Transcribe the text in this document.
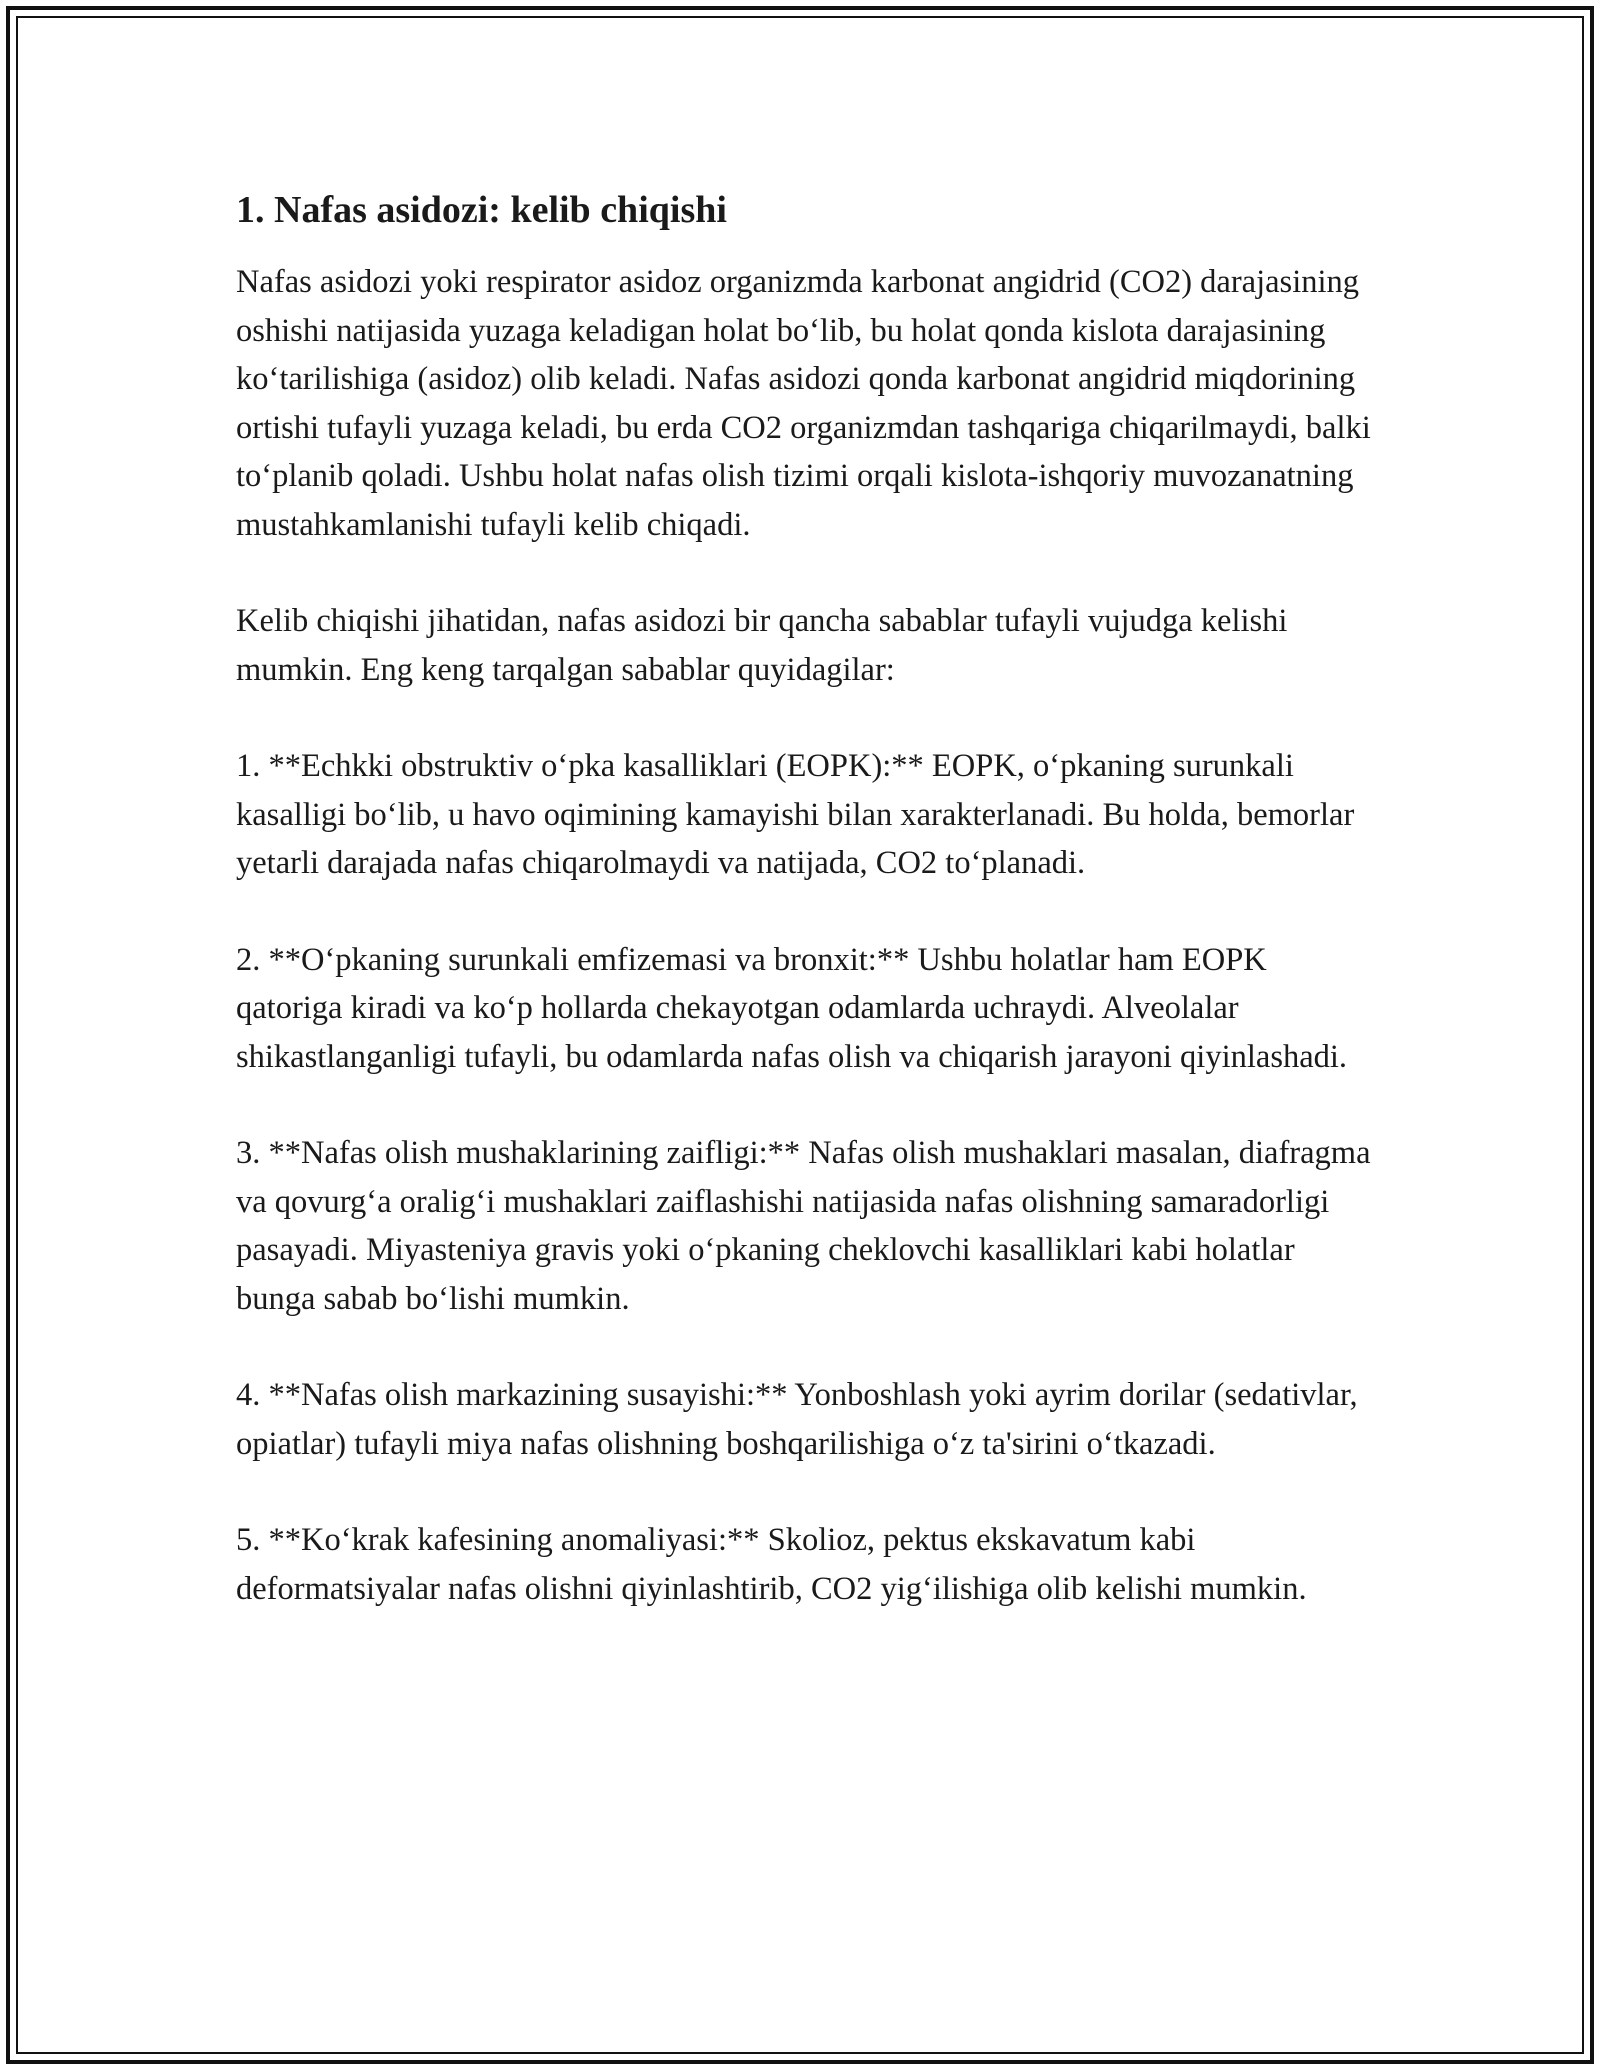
1. Nafas asidozi: kelib chiqishi

Nafas asidozi yoki respirator asidoz organizmda karbonat angidrid (CO2) darajasining oshishi natijasida yuzaga keladigan holat bo‘lib, bu holat qonda kislota darajasining ko‘tarilishiga (asidoz) olib keladi. Nafas asidozi qonda karbonat angidrid miqdorining ortishi tufayli yuzaga keladi, bu erda CO2 organizmdan tashqariga chiqarilmaydi, balki to‘planib qoladi. Ushbu holat nafas olish tizimi orqali kislota-ishqoriy muvozanatning mustahkamlanishi tufayli kelib chiqadi.

Kelib chiqishi jihatidan, nafas asidozi bir qancha sabablar tufayli vujudga kelishi mumkin. Eng keng tarqalgan sabablar quyidagilar:

1. **Echkki obstruktiv o‘pka kasalliklari (EOPK):** EOPK, o‘pkaning surunkali kasalligi bo‘lib, u havo oqimining kamayishi bilan xarakterlanadi. Bu holda, bemorlar yetarli darajada nafas chiqarolmaydi va natijada, CO2 to‘planadi.

2. **O‘pkaning surunkali emfizemasi va bronxit:** Ushbu holatlar ham EOPK qatoriga kiradi va ko‘p hollarda chekayotgan odamlarda uchraydi. Alveolalar shikastlanganligi tufayli, bu odamlarda nafas olish va chiqarish jarayoni qiyinlashadi.

3. **Nafas olish mushaklarining zaifligi:** Nafas olish mushaklari masalan, diafragma va qovurg‘a oralig‘i mushaklari zaiflashishi natijasida nafas olishning samaradorligi pasayadi. Miyasteniya gravis yoki o‘pkaning cheklovchi kasalliklari kabi holatlar bunga sabab bo‘lishi mumkin.

4. **Nafas olish markazining susayishi:** Yonboshlash yoki ayrim dorilar (sedativlar, opiatlar) tufayli miya nafas olishning boshqarilishiga o‘z ta'sirini o‘tkazadi.

5. **Ko‘krak kafesining anomaliyasi:** Skolioz, pektus ekskavatum kabi deformatsiyalar nafas olishni qiyinlashtirib, CO2 yig‘ilishiga olib kelishi mumkin.
